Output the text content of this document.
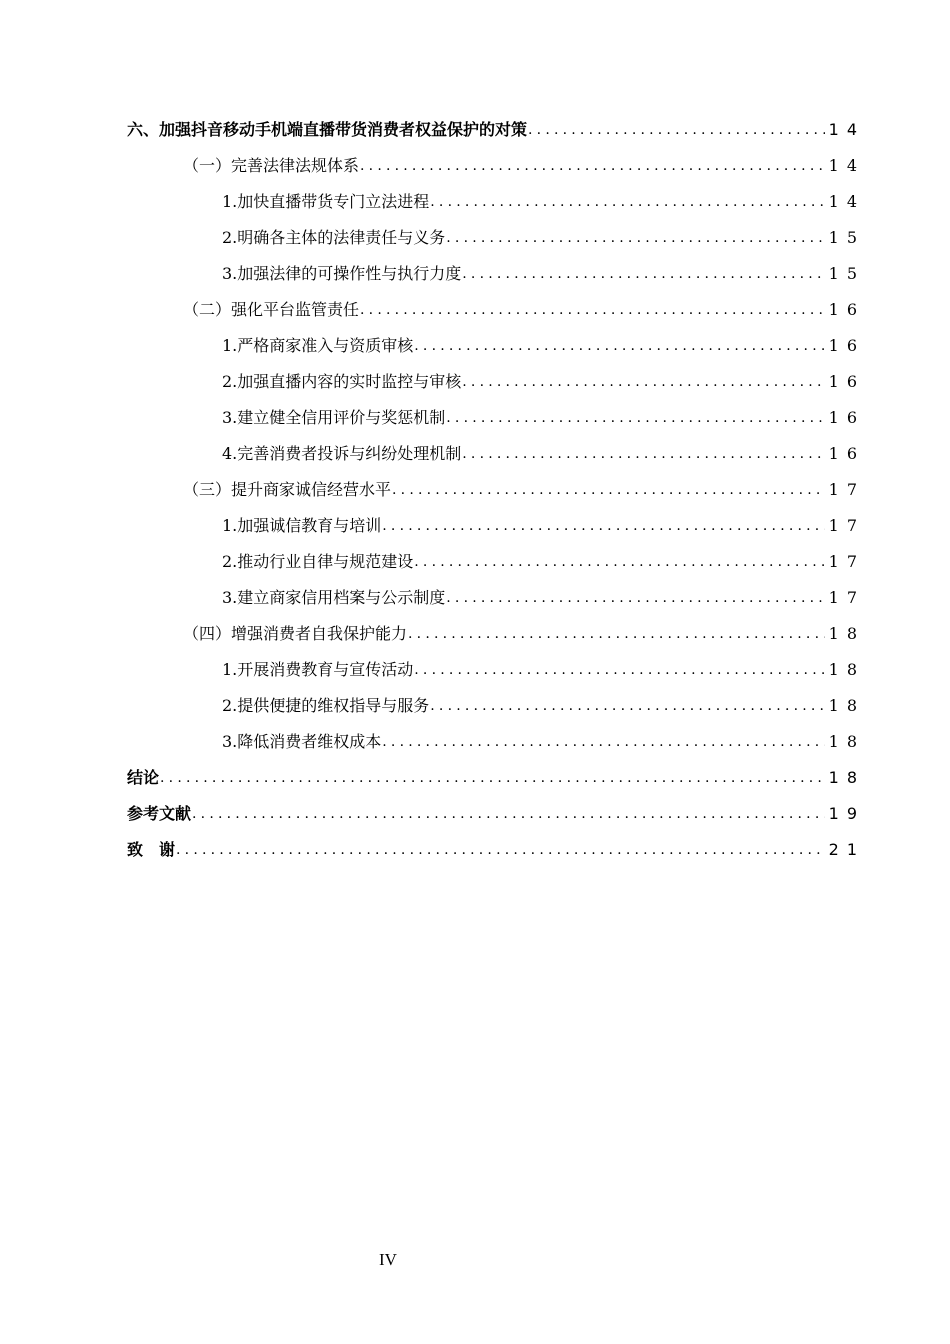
六、加强抖音移动手机端直播带货消费者权益保护的对策 .....	14
（一）完善法律法规体系 .....	14
1.加快直播带货专门立法进程 .....	14
2.明确各主体的法律责任与义务 .....	15
3.加强法律的可操作性与执行力度 .....	15
（二）强化平台监管责任 .....	16
1.严格商家准入与资质审核 .....	16
2.加强直播内容的实时监控与审核 .....	16
3.建立健全信用评价与奖惩机制 .....	16
4.完善消费者投诉与纠纷处理机制 .....	16
（三）提升商家诚信经营水平 .....	17
1.加强诚信教育与培训 .....	17
2.推动行业自律与规范建设 .....	17
3.建立商家信用档案与公示制度 .....	17
（四）增强消费者自我保护能力 .....	18
1.开展消费教育与宣传活动 .....	18
2.提供便捷的维权指导与服务 .....	18
3.降低消费者维权成本 .....	18
结论 .....	18
参考文献 .....	19
致　谢 .....	21
IV
